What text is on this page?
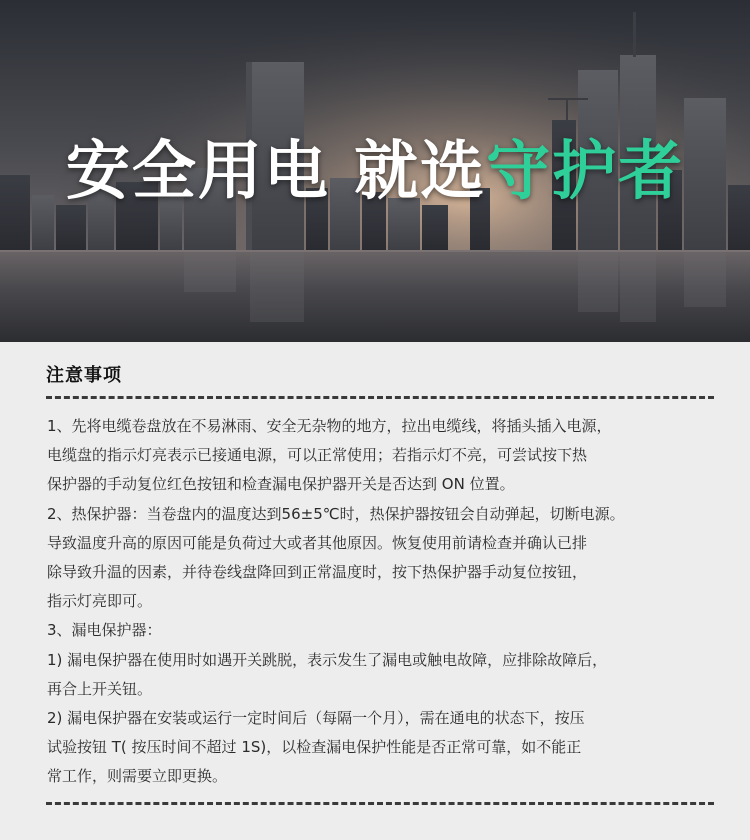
安全用电 就选守护者
注意事项
1、先将电缆卷盘放在不易淋雨、安全无杂物的地方，拉出电缆线，将插头插入电源，
电缆盘的指示灯亮表示已接通电源，可以正常使用；若指示灯不亮，可尝试按下热
保护器的手动复位红色按钮和检查漏电保护器开关是否达到 ON 位置。
2、热保护器：当卷盘内的温度达到56±5℃时，热保护器按钮会自动弹起，切断电源。
导致温度升高的原因可能是负荷过大或者其他原因。恢复使用前请检查并确认已排
除导致升温的因素，并待卷线盘降回到正常温度时，按下热保护器手动复位按钮，
指示灯亮即可。
3、漏电保护器：
1) 漏电保护器在使用时如遇开关跳脱，表示发生了漏电或触电故障，应排除故障后，
再合上开关钮。
2) 漏电保护器在安装或运行一定时间后（每隔一个月），需在通电的状态下，按压
试验按钮 T( 按压时间不超过 1S)，以检查漏电保护性能是否正常可靠，如不能正
常工作，则需要立即更换。
